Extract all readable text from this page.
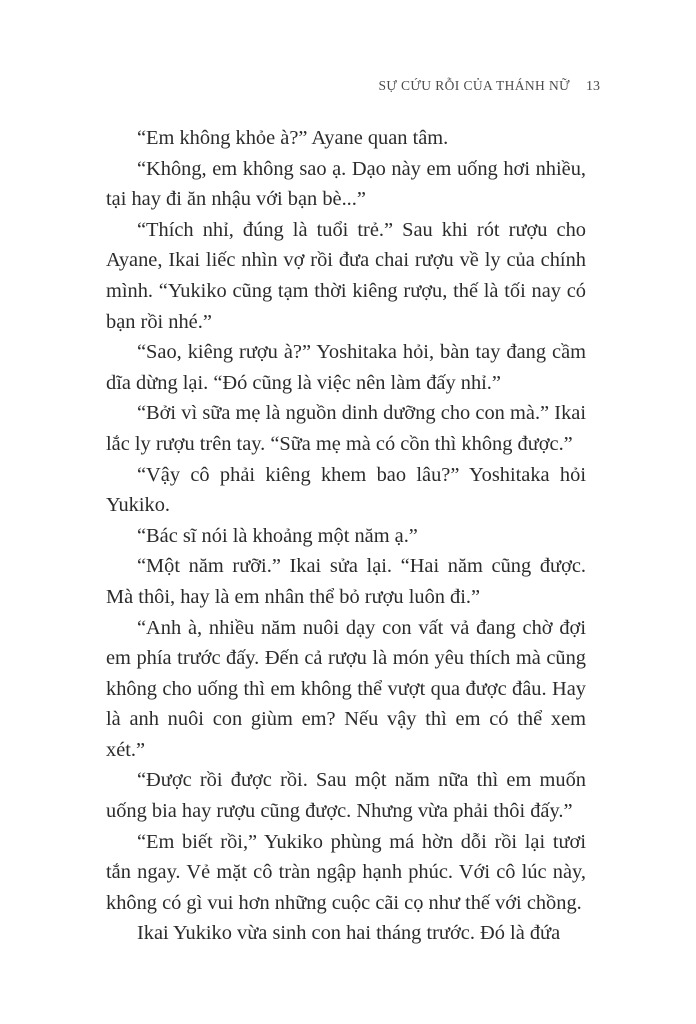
SỰ CỨU RỖI CỦA THÁNH NỮ 13

“Em không khỏe à?” Ayane quan tâm.

“Không, em không sao ạ. Dạo này em uống hơi nhiều, tại hay đi ăn nhậu với bạn bè...”

“Thích nhỉ, đúng là tuổi trẻ.” Sau khi rót rượu cho Ayane, Ikai liếc nhìn vợ rồi đưa chai rượu về ly của chính mình. “Yukiko cũng tạm thời kiêng rượu, thế là tối nay có bạn rồi nhé.”

“Sao, kiêng rượu à?” Yoshitaka hỏi, bàn tay đang cầm dĩa dừng lại. “Đó cũng là việc nên làm đấy nhỉ.”

“Bởi vì sữa mẹ là nguồn dinh dưỡng cho con mà.” Ikai lắc ly rượu trên tay. “Sữa mẹ mà có cồn thì không được.”

“Vậy cô phải kiêng khem bao lâu?” Yoshitaka hỏi Yukiko.

“Bác sĩ nói là khoảng một năm ạ.”

“Một năm rưỡi.” Ikai sửa lại. “Hai năm cũng được. Mà thôi, hay là em nhân thể bỏ rượu luôn đi.”

“Anh à, nhiều năm nuôi dạy con vất vả đang chờ đợi em phía trước đấy. Đến cả rượu là món yêu thích mà cũng không cho uống thì em không thể vượt qua được đâu. Hay là anh nuôi con giùm em? Nếu vậy thì em có thể xem xét.”

“Được rồi được rồi. Sau một năm nữa thì em muốn uống bia hay rượu cũng được. Nhưng vừa phải thôi đấy.”

“Em biết rồi,” Yukiko phùng má hờn dỗi rồi lại tươi tắn ngay. Vẻ mặt cô tràn ngập hạnh phúc. Với cô lúc này, không có gì vui hơn những cuộc cãi cọ như thế với chồng.

Ikai Yukiko vừa sinh con hai tháng trước. Đó là đứa
